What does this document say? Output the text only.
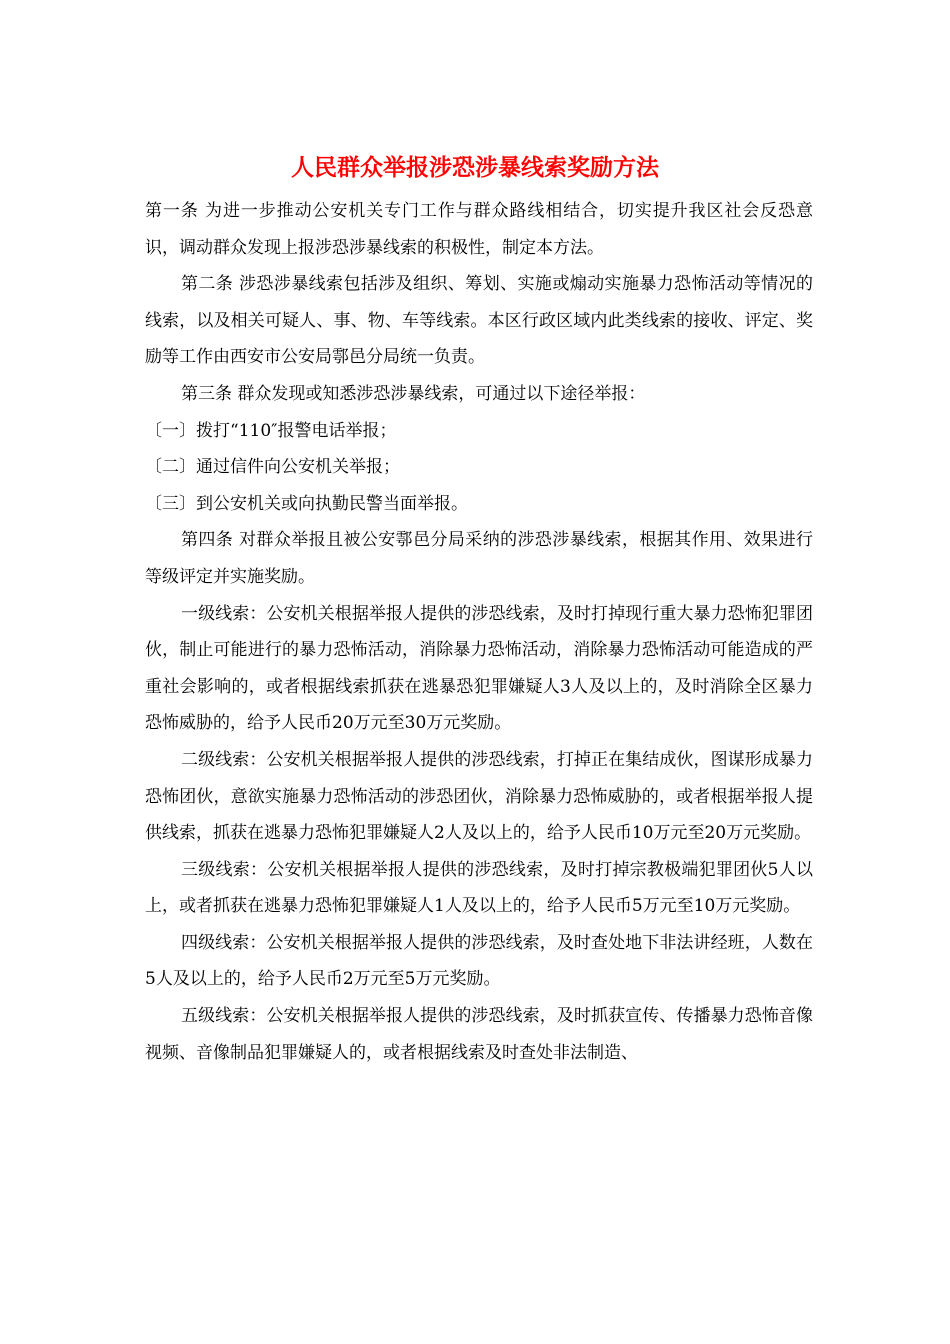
人民群众举报涉恐涉暴线索奖励方法

第一条 为进一步推动公安机关专门工作与群众路线相结合，切实提升我区社会反恐意识，调动群众发现上报涉恐涉暴线索的积极性，制定本方法。

第二条 涉恐涉暴线索包括涉及组织、筹划、实施或煽动实施暴力恐怖活动等情况的线索，以及相关可疑人、事、物、车等线索。本区行政区域内此类线索的接收、评定、奖励等工作由西安市公安局鄠邑分局统一负责。

第三条 群众发现或知悉涉恐涉暴线索，可通过以下途径举报：

〔一〕拨打“110″报警电话举报；

〔二〕通过信件向公安机关举报；

〔三〕到公安机关或向执勤民警当面举报。

第四条 对群众举报且被公安鄠邑分局采纳的涉恐涉暴线索，根据其作用、效果进行等级评定并实施奖励。

一级线索：公安机关根据举报人提供的涉恐线索，及时打掉现行重大暴力恐怖犯罪团伙，制止可能进行的暴力恐怖活动，消除暴力恐怖活动，消除暴力恐怖活动可能造成的严重社会影响的，或者根据线索抓获在逃暴恐犯罪嫌疑人3人及以上的，及时消除全区暴力恐怖威胁的，给予人民币20万元至30万元奖励。

二级线索：公安机关根据举报人提供的涉恐线索，打掉正在集结成伙，图谋形成暴力恐怖团伙，意欲实施暴力恐怖活动的涉恐团伙，消除暴力恐怖威胁的，或者根据举报人提供线索，抓获在逃暴力恐怖犯罪嫌疑人2人及以上的，给予人民币10万元至20万元奖励。

三级线索：公安机关根据举报人提供的涉恐线索，及时打掉宗教极端犯罪团伙5人以上，或者抓获在逃暴力恐怖犯罪嫌疑人1人及以上的，给予人民币5万元至10万元奖励。

四级线索：公安机关根据举报人提供的涉恐线索，及时查处地下非法讲经班，人数在5人及以上的，给予人民币2万元至5万元奖励。

五级线索：公安机关根据举报人提供的涉恐线索，及时抓获宣传、传播暴力恐怖音像视频、音像制品犯罪嫌疑人的，或者根据线索及时查处非法制造、
